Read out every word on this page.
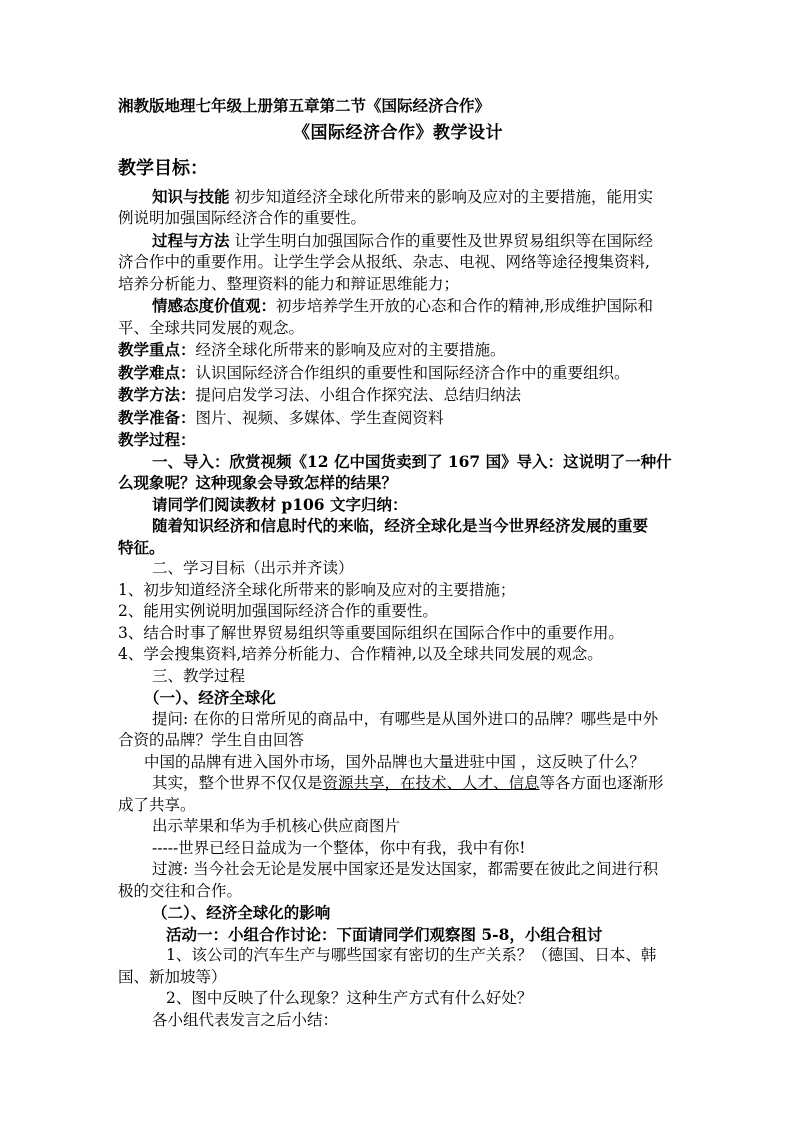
湘教版地理七年级上册第五章第二节《国际经济合作》
《国际经济合作》教学设计
教学目标：
知识与技能 初步知道经济全球化所带来的影响及应对的主要措施，能用实
例说明加强国际经济合作的重要性。
过程与方法 让学生明白加强国际合作的重要性及世界贸易组织等在国际经
济合作中的重要作用。让学生学会从报纸、杂志、电视、网络等途径搜集资料,
培养分析能力、整理资料的能力和辩证思维能力；
情感态度价值观：初步培养学生开放的心态和合作的精神,形成维护国际和
平、全球共同发展的观念。
教学重点：经济全球化所带来的影响及应对的主要措施。
教学难点：认识国际经济合作组织的重要性和国际经济合作中的重要组织。
教学方法：提问启发学习法、小组合作探究法、总结归纳法
教学准备：图片、视频、多媒体、学生查阅资料
教学过程：
一、导入：欣赏视频《12 亿中国货卖到了 167 国》导入：这说明了一种什
么现象呢？这种现象会导致怎样的结果？
请同学们阅读教材 p106 文字归纳：
随着知识经济和信息时代的来临，经济全球化是当今世界经济发展的重要
特征。
二、学习目标（出示并齐读）
1、初步知道经济全球化所带来的影响及应对的主要措施；
2、能用实例说明加强国际经济合作的重要性。
3、结合时事了解世界贸易组织等重要国际组织在国际合作中的重要作用。
4、学会搜集资料,培养分析能力、合作精神,以及全球共同发展的观念。
三、教学过程
（一）、经济全球化
提问: 在你的日常所见的商品中，有哪些是从国外进口的品牌？哪些是中外
合资的品牌？学生自由回答
中国的品牌有进入国外市场，国外品牌也大量进驻中国 ，这反映了什么？
其实，整个世界不仅仅是资源共享，在技术、人才、信息等各方面也逐渐形
成了共享。
出示苹果和华为手机核心供应商图片
-----世界已经日益成为一个整体，你中有我，我中有你!
过渡: 当今社会无论是发展中国家还是发达国家，都需要在彼此之间进行积
极的交往和合作。
（二）、经济全球化的影响
活动一：小组合作讨论：下面请同学们观察图 5-8，小组合租讨
1、该公司的汽车生产与哪些国家有密切的生产关系？（德国、日本、韩
国、新加坡等）
2、图中反映了什么现象？这种生产方式有什么好处？
各小组代表发言之后小结：
